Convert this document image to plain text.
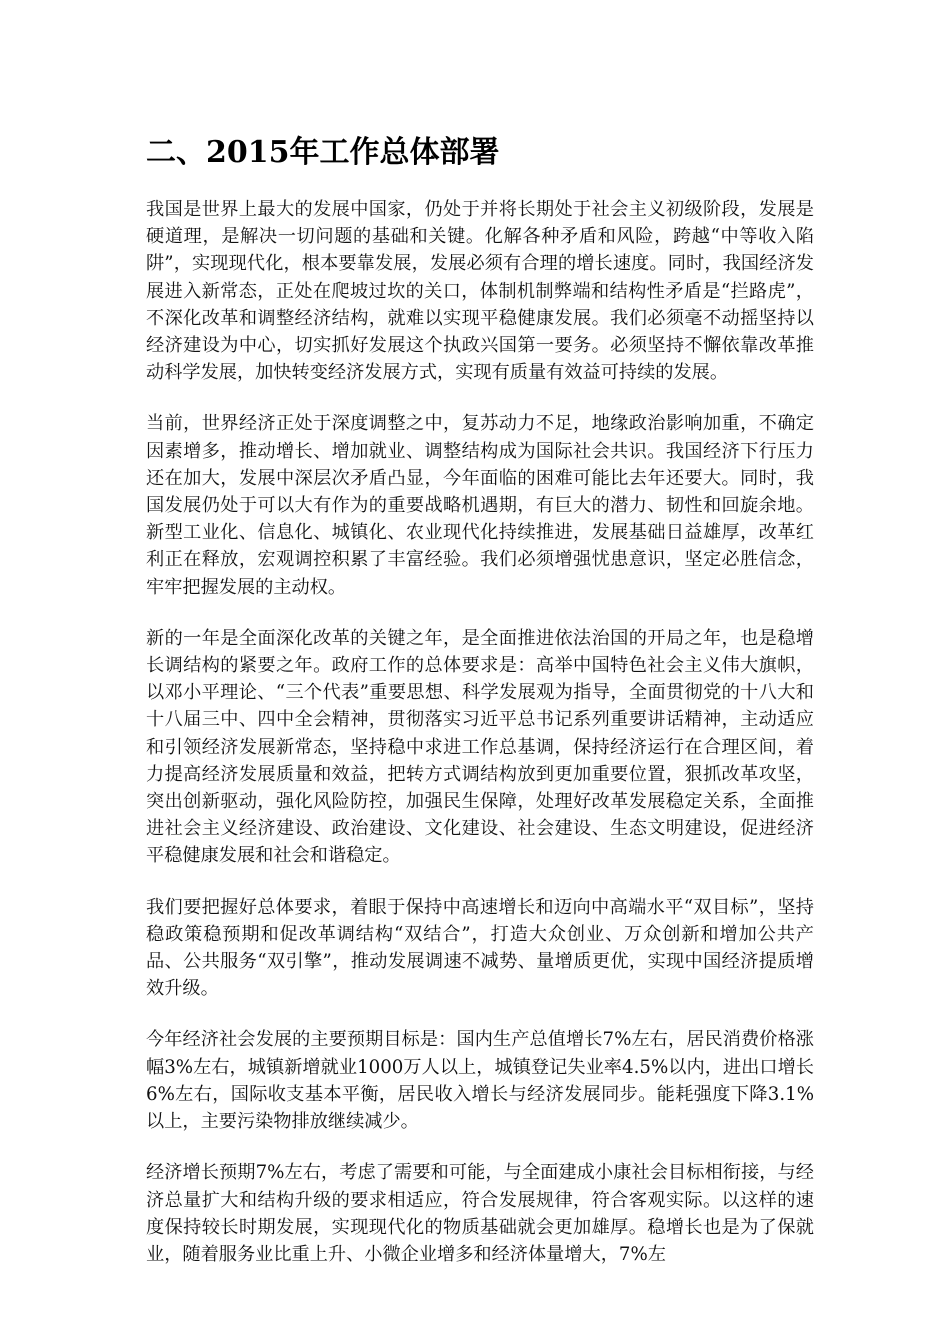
二、2015年工作总体部署

我国是世界上最大的发展中国家，仍处于并将长期处于社会主义初级阶段，发展是硬道理，是解决一切问题的基础和关键。化解各种矛盾和风险，跨越“中等收入陷阱”，实现现代化，根本要靠发展，发展必须有合理的增长速度。同时，我国经济发展进入新常态，正处在爬坡过坎的关口，体制机制弊端和结构性矛盾是“拦路虎”，不深化改革和调整经济结构，就难以实现平稳健康发展。我们必须毫不动摇坚持以经济建设为中心，切实抓好发展这个执政兴国第一要务。必须坚持不懈依靠改革推动科学发展，加快转变经济发展方式，实现有质量有效益可持续的发展。

当前，世界经济正处于深度调整之中，复苏动力不足，地缘政治影响加重，不确定因素增多，推动增长、增加就业、调整结构成为国际社会共识。我国经济下行压力还在加大，发展中深层次矛盾凸显，今年面临的困难可能比去年还要大。同时，我国发展仍处于可以大有作为的重要战略机遇期，有巨大的潜力、韧性和回旋余地。新型工业化、信息化、城镇化、农业现代化持续推进，发展基础日益雄厚，改革红利正在释放，宏观调控积累了丰富经验。我们必须增强忧患意识，坚定必胜信念，牢牢把握发展的主动权。

新的一年是全面深化改革的关键之年，是全面推进依法治国的开局之年，也是稳增长调结构的紧要之年。政府工作的总体要求是：高举中国特色社会主义伟大旗帜，以邓小平理论、“三个代表”重要思想、科学发展观为指导，全面贯彻党的十八大和十八届三中、四中全会精神，贯彻落实习近平总书记系列重要讲话精神，主动适应和引领经济发展新常态，坚持稳中求进工作总基调，保持经济运行在合理区间，着力提高经济发展质量和效益，把转方式调结构放到更加重要位置，狠抓改革攻坚，突出创新驱动，强化风险防控，加强民生保障，处理好改革发展稳定关系，全面推进社会主义经济建设、政治建设、文化建设、社会建设、生态文明建设，促进经济平稳健康发展和社会和谐稳定。

我们要把握好总体要求，着眼于保持中高速增长和迈向中高端水平“双目标”，坚持稳政策稳预期和促改革调结构“双结合”，打造大众创业、万众创新和增加公共产品、公共服务“双引擎”，推动发展调速不减势、量增质更优，实现中国经济提质增效升级。

今年经济社会发展的主要预期目标是：国内生产总值增长7%左右，居民消费价格涨幅3%左右，城镇新增就业1000万人以上，城镇登记失业率4.5%以内，进出口增长6%左右，国际收支基本平衡，居民收入增长与经济发展同步。能耗强度下降3.1%以上，主要污染物排放继续减少。

经济增长预期7%左右，考虑了需要和可能，与全面建成小康社会目标相衔接，与经济总量扩大和结构升级的要求相适应，符合发展规律，符合客观实际。以这样的速度保持较长时期发展，实现现代化的物质基础就会更加雄厚。稳增长也是为了保就业，随着服务业比重上升、小微企业增多和经济体量增大，7%左
